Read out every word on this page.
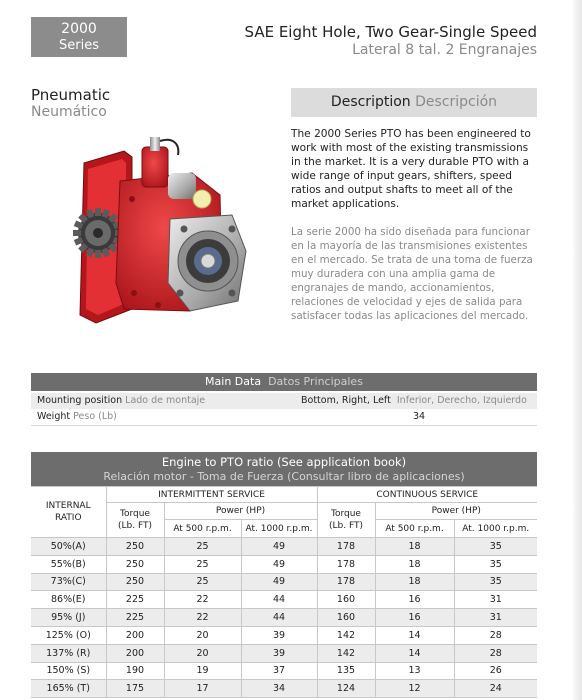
2000
Series
SAE Eight Hole, Two Gear-Single Speed
Lateral 8 tal. 2 Engranajes
Pneumatic
Neumático
Description Descripción
The 2000 Series PTO has been engineered to work with most of the existing transmissions in the market. It is a very durable PTO with a wide range of input gears, shifters, speed ratios and output shafts to meet all of the market applications.
La serie 2000 ha sido diseñada para funcionar en la mayoría de las transmisiones existentes en el mercado. Se trata de una toma de fuerza muy duradera con una amplia gama de engranajes de mando, accionamientos, relaciones de velocidad y ejes de salida para satisfacer todas las aplicaciones del mercado.
Main Data Datos Principales
Mounting position Lado de montaje	Bottom, Right, Left Inferior, Derecho, Izquierdo
Weight Peso (Lb)	34
Engine to PTO ratio (See application book)
Relación motor - Toma de Fuerza (Consultar libro de aplicaciones)
INTERNAL RATIO	INTERMITTENT SERVICE			CONTINUOUS SERVICE		
	Torque (Lb. FT)	Power (HP)		Torque (Lb. FT)	Power (HP)	
		At 500 r.p.m.	At. 1000 r.p.m.		At 500 r.p.m.	At. 1000 r.p.m.
50%(A)	250	25	49	178	18	35
55%(B)	250	25	49	178	18	35
73%(C)	250	25	49	178	18	35
86%(E)	225	22	44	160	16	31
95% (J)	225	22	44	160	16	31
125% (O)	200	20	39	142	14	28
137% (R)	200	20	39	142	14	28
150% (S)	190	19	37	135	13	26
165% (T)	175	17	34	124	12	24
